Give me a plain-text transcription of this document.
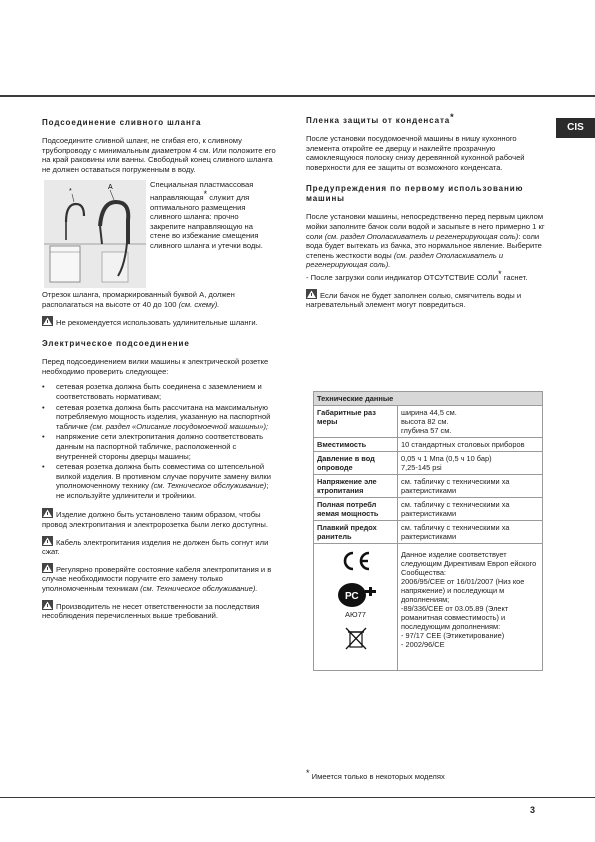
CIS
Подсоединение сливного шланга

Подсоедините сливной шланг, не сгибая его, к сливному трубопроводу с минимальным диаметром 4 см. Или положите его на край раковины или ванны. Свободный конец сливного шланга не должен оставаться погруженным в воду.

*
A	Специальная пластмассовая направляющая* служит для оптимального размещения сливного шланга: прочно закрепите направляющую на стене во избежание смещения сливного шланга и утечки воды.

Отрезок шланга, промаркированный буквой А, должен располагаться на высоте от 40 до 100 (см. схему).

Не рекомендуется использовать удлинительные шланги.

Электрическое подсоединение

Перед подсоединением вилки машины к электрической розетке необходимо проверить следующее:

• сетевая розетка должна быть соединена с заземлением и соответствовать нормативам;
• сетевая розетка должна быть рассчитана на максимальную потребляемую мощность изделия, указанную на паспортной табличке (см. раздел «Описание посудомоечной машины»);
• напряжение сети электропитания должно соответствовать данным на паспортной табличке, расположенной с внутренней стороны дверцы машины;
• сетевая розетка должна быть совместима со штепсельной вилкой изделия. В противном случае поручите замену вилки уполномоченному технику (см. Техническое обслуживание); не используйте удлинители и тройники.

Изделие должно быть установлено таким образом, чтобы провод электропитания и электророзетка были легко доступны.

Кабель электропитания изделия не должен быть согнут или сжат.

Регулярно проверяйте состояние кабеля электропитания и в случае необходимости поручите его замену только уполномоченным техникам (см. Техническое обслуживание).

Производитель не несет ответственности за последствия несоблюдения перечисленных выше требований.

Пленка защиты от конденсата*

После установки посудомоечной машины в нишу кухонного элемента откройте ее дверцу и наклейте прозрачную самоклеящуюся полоску снизу деревянной кухонной рабочей поверхности для ее защиты от возможного конденсата.

Предупреждения по первому использованию машины

После установки машины, непосредственно перед первым циклом мойки заполните бачок соли водой и засыпьте в него примерно 1 кг соли (см. раздел Ополаскиватель и регенерирующая соль): соли вода будет вытекать из бачка, это нормальное явление. Выберите степень жесткости воды (см. раздел Ополаскиватель и регенерирующая соль).

- После загрузки соли индикатор ОТСУТСТВИЕ СОЛИ* гаснет.

Если бачок не будет заполнен солью, смягчитель воды и нагревательный элемент могут повредиться.

Технические данные	
Габаритные раз меры	ширина 44,5 см.
высота 82 см.
глубина 57 см.
Вместимость	10 стандартных столовых приборов
Давление в вод опроводе	0,05 ч 1 Мпа (0,5 ч 10 бар)
7,25-145 psi
Напряжение эле ктропитания	см. табличку с техническими ха рактеристиками
Полная потребл яемая мощность	см. табличку с техническими ха рактеристиками
Плавкий предох ранитель	см. табличку с техническими ха рактеристиками

РС

АЮ77	Данное изделие соответствует следующим Директивам Европ ейского Сообщества:
2006/95/CEE от 16/01/2007 (Низ кое напряжение) и последующи м дополнениям;
-89/336/CEE от 03.05.89 (Элект романитная совместимость) и последующим дополнениям:
- 97/17 CEE (Этикетирование)
- 2002/96/CE
* Имеется только в некоторых моделях
3
